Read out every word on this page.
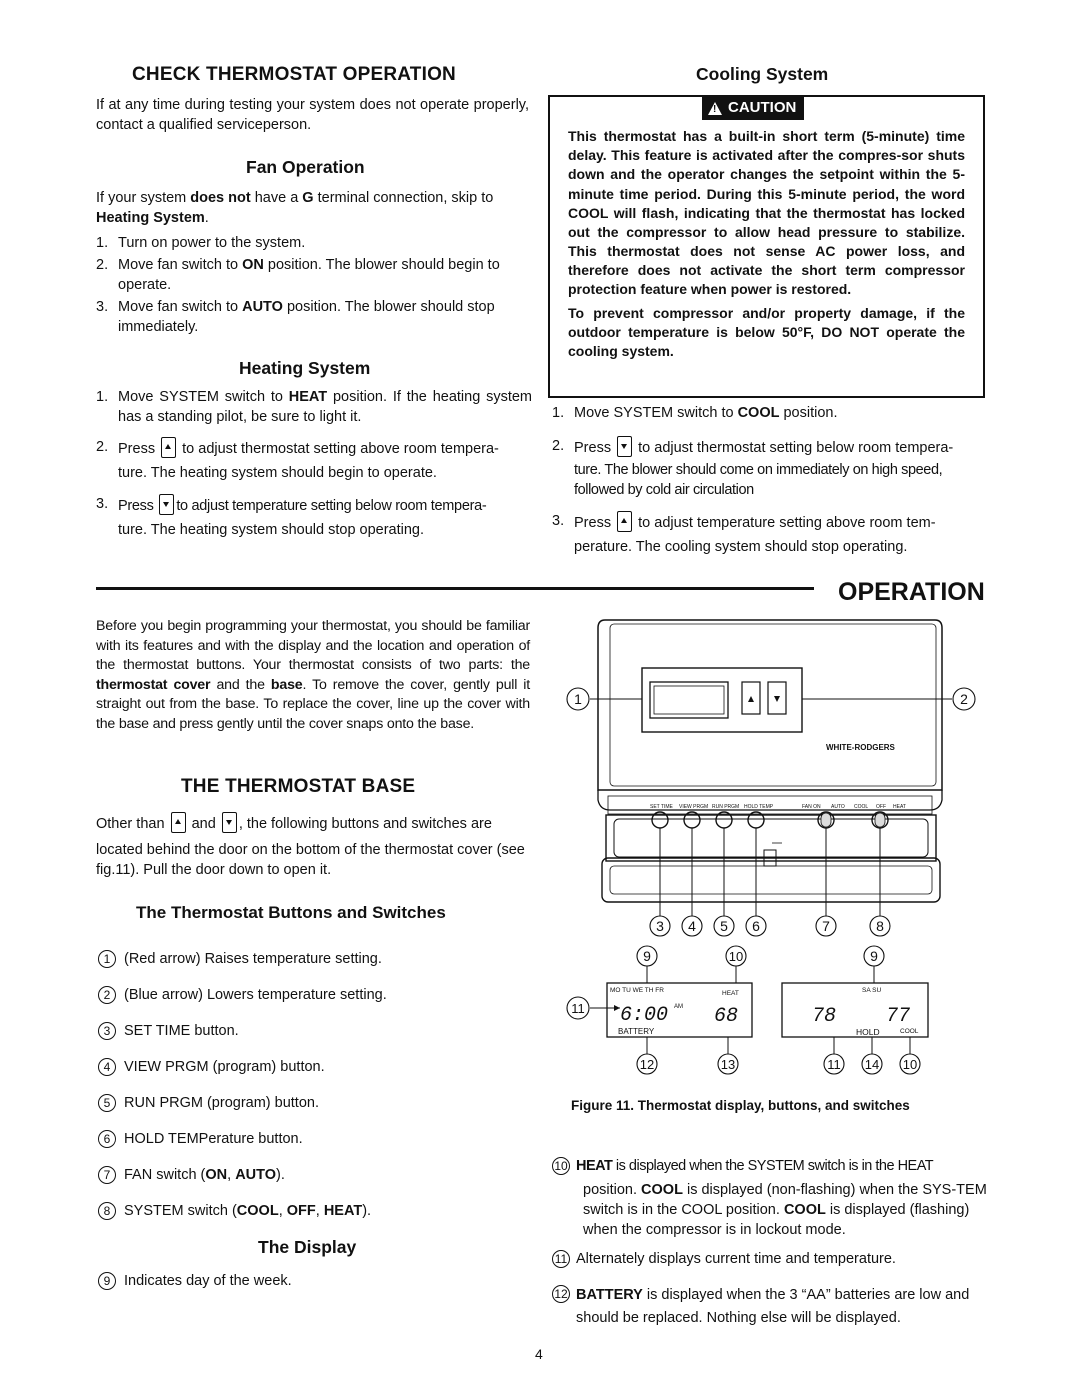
CHECK THERMOSTAT OPERATION

If at any time during testing your system does not operate properly, contact a qualified serviceperson.

Fan Operation

If your system does not have a G terminal connection, skip to Heating System.

1. Turn on power to the system.
2. Move fan switch to ON position. The blower should begin to operate.
3. Move fan switch to AUTO position. The blower should stop immediately.
Heating System
1. Move SYSTEM switch to HEAT position. If the heating system has a standing pilot, be sure to light it.
2. Press to adjust thermostat setting above room tempera-
ture. The heating system should begin to operate.
3. Press to adjust temperature setting below room tempera-
ture. The heating system should stop operating.
Cooling System

This thermostat has a built-in short term (5-minute) time delay. This feature is activated after the compres-sor shuts down and the operator changes the setpoint within the 5-minute time period. During this 5-minute period, the word COOL will flash, indicating that the thermostat has locked out the compressor to allow head pressure to stabilize. This thermostat does not sense AC power loss, and therefore does not activate the short term compressor protection feature when power is restored.

To prevent compressor and/or property damage, if the outdoor temperature is below 50°F, DO NOT operate the cooling system.

!
CAUTION
1. Move SYSTEM switch to COOL position.
2. Press to adjust thermostat setting below room tempera-
ture. The blower should come on immediately on high speed, followed by cold air circulation
3. Press to adjust temperature setting above room tem-
perature. The cooling system should stop operating.
OPERATION

Before you begin programming your thermostat, you should be familiar with its features and with the display and the location and operation of the thermostat buttons. Your thermostat consists of two parts: the thermostat cover and the base. To remove the cover, gently pull it straight out from the base. To replace the cover, line up the cover with the base and press gently until the cover snaps onto the base.

THE THERMOSTAT BASE
Other than and , the following buttons and switches are
located behind the door on the bottom of the thermostat cover (see fig.11). Pull the door down to open it.
The Thermostat Buttons and Switches
1 (Red arrow) Raises temperature setting.
2 (Blue arrow) Lowers temperature setting.
3 SET TIME button.
4 VIEW PRGM (program) button.
5 RUN PRGM (program) button.
6 HOLD TEMPerature button.
7 FAN switch (ON, AUTO).
8 SYSTEM switch (COOL, OFF, HEAT).
The Display
9 Indicates day of the week.
WHITE-RODGERS
SET TIME VIEW PRGM RUN PRGM HOLD TEMP	FAN ON AUTO COOL OFF HEAT
1	2
3 4 5 6	7	8
9	10	9
11
12	13	11 14 10
MO TU WE TH FR	HEAT
6:00 AM 68
BATTERY
SA SU
78 77
HOLD	COOL
Figure 11. Thermostat display, buttons, and switches
10 HEAT is displayed when the SYSTEM switch is in the HEAT
position. COOL is displayed (non-flashing) when the SYS-TEM switch is in the COOL position. COOL is displayed (flashing) when the compressor is in lockout mode.
11 Alternately displays current time and temperature.
12 BATTERY is displayed when the 3 “AA” batteries are low and should be replaced. Nothing else will be displayed.
4
